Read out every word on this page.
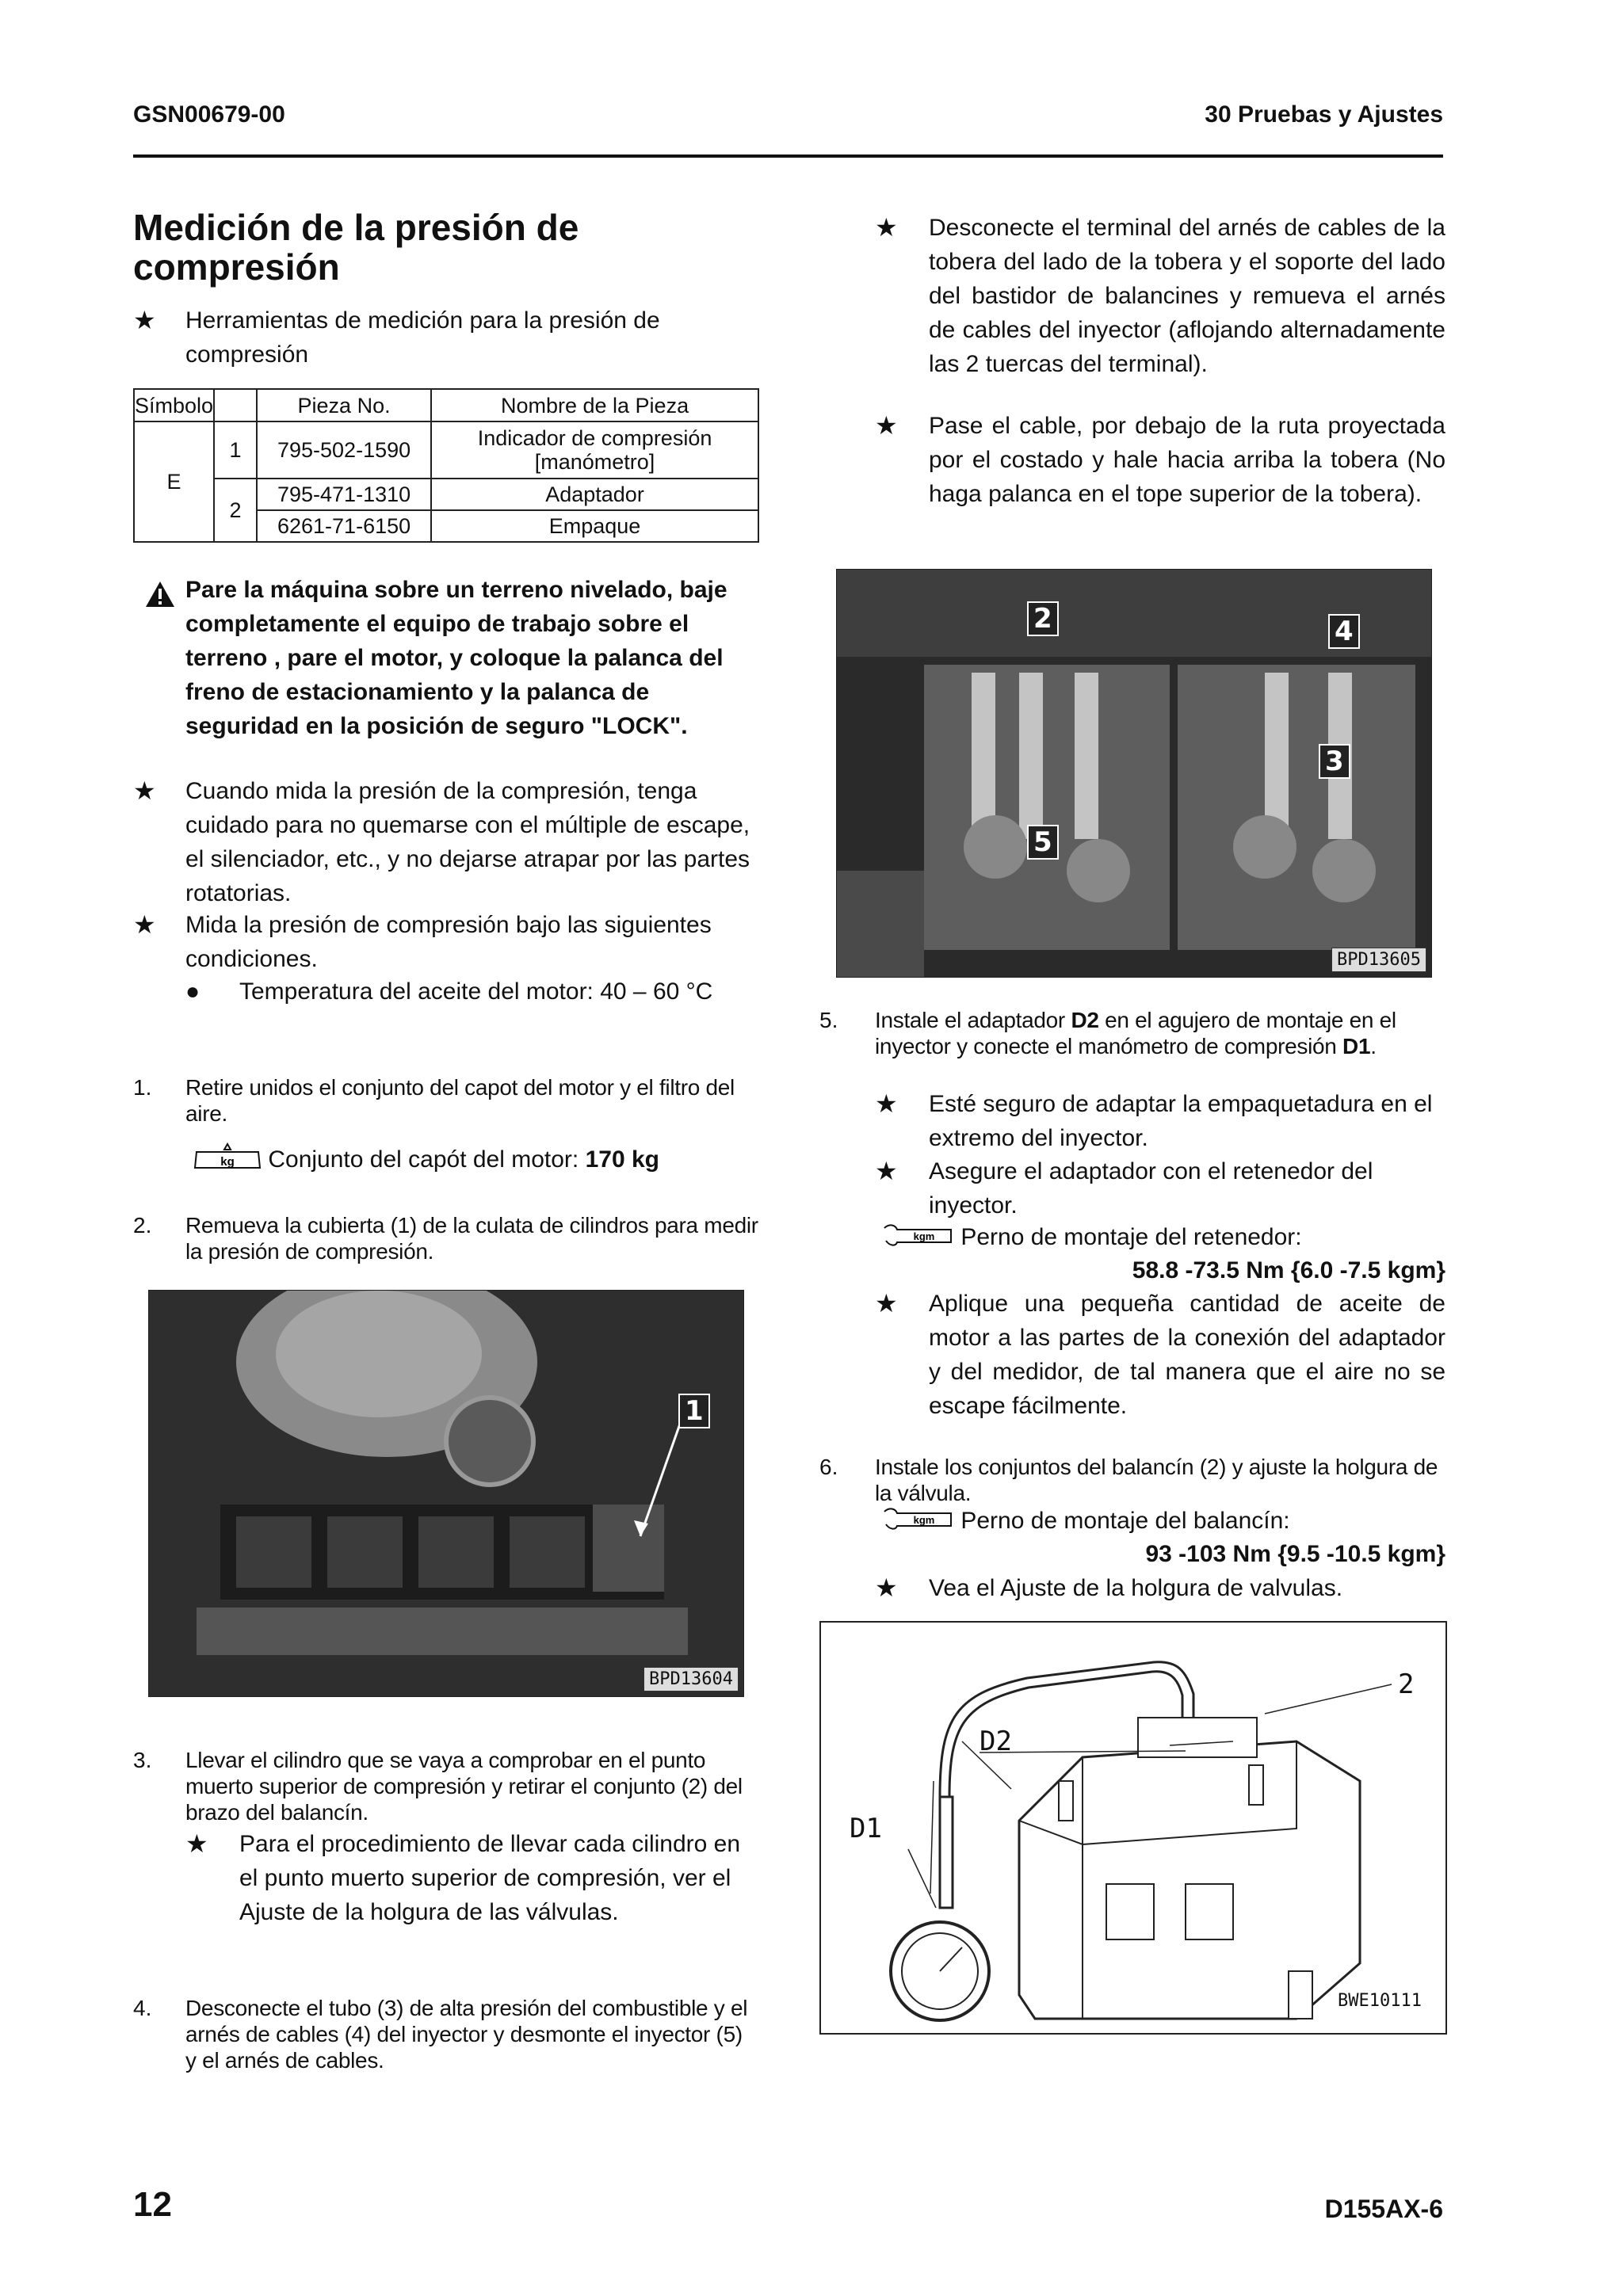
GSN00679-00	30 Pruebas y Ajustes
Medición de la presión de compresión
★ Herramientas de medición para la presión de compresión
Símbolo		Pieza No.	Nombre de la Pieza
E	1	795-502-1590	Indicador de compresión [manómetro]
	2	795-471-1310	Adaptador
		6261-71-6150	Empaque
Pare la máquina sobre un terreno nivelado, baje completamente el equipo de trabajo sobre el terreno , pare el motor, y coloque la palanca del freno de estacionamiento y la palanca de seguridad en la posición de seguro "LOCK".
★ Cuando mida la presión de la compresión, tenga cuidado para no quemarse con el múltiple de escape, el silenciador, etc., y no dejarse atrapar por las partes rotatorias.
★ Mida la presión de compresión bajo las siguientes condiciones.
● Temperatura del aceite del motor: 40 – 60 °C
1. Retire unidos el conjunto del capot del motor y el filtro del aire.
kg Conjunto del capót del motor: 170 kg
2. Remueva la cubierta (1) de la culata de cilindros para medir la presión de compresión.
1
BPD13604
3. Llevar el cilindro que se vaya a comprobar en el punto muerto superior de compresión y retirar el conjunto (2) del brazo del balancín.
★ Para el procedimiento de llevar cada cilindro en el punto muerto superior de compresión, ver el Ajuste de la holgura de las válvulas.
4. Desconecte el tubo (3) de alta presión del combustible y el arnés de cables (4) del inyector y desmonte el inyector (5) y el arnés de cables.
★ Desconecte el terminal del arnés de cables de la tobera del lado de la tobera y el soporte del lado del bastidor de balancines y remueva el arnés de cables del inyector (aflojando alternadamente las 2 tuercas del terminal).
★ Pase el cable, por debajo de la ruta proyectada por el costado y hale hacia arriba la tobera (No haga palanca en el tope superior de la tobera).
2	4
3
5
BPD13605
5. Instale el adaptador D2 en el agujero de montaje en el inyector y conecte el manómetro de compresión D1.
★ Esté seguro de adaptar la empaquetadura en el extremo del inyector.
★ Asegure el adaptador con el retenedor del inyector.
kgm Perno de montaje del retenedor:
58.8 -73.5 Nm {6.0 -7.5 kgm}
★ Aplique una pequeña cantidad de aceite de motor a las partes de la conexión del adaptador y del medidor, de tal manera que el aire no se escape fácilmente.
6. Instale los conjuntos del balancín (2) y ajuste la holgura de la válvula.
kgm Perno de montaje del balancín:
93 -103 Nm {9.5 -10.5 kgm}
★ Vea el Ajuste de la holgura de valvulas.
D1
D2
2
BWE10111
12	D155AX-6
